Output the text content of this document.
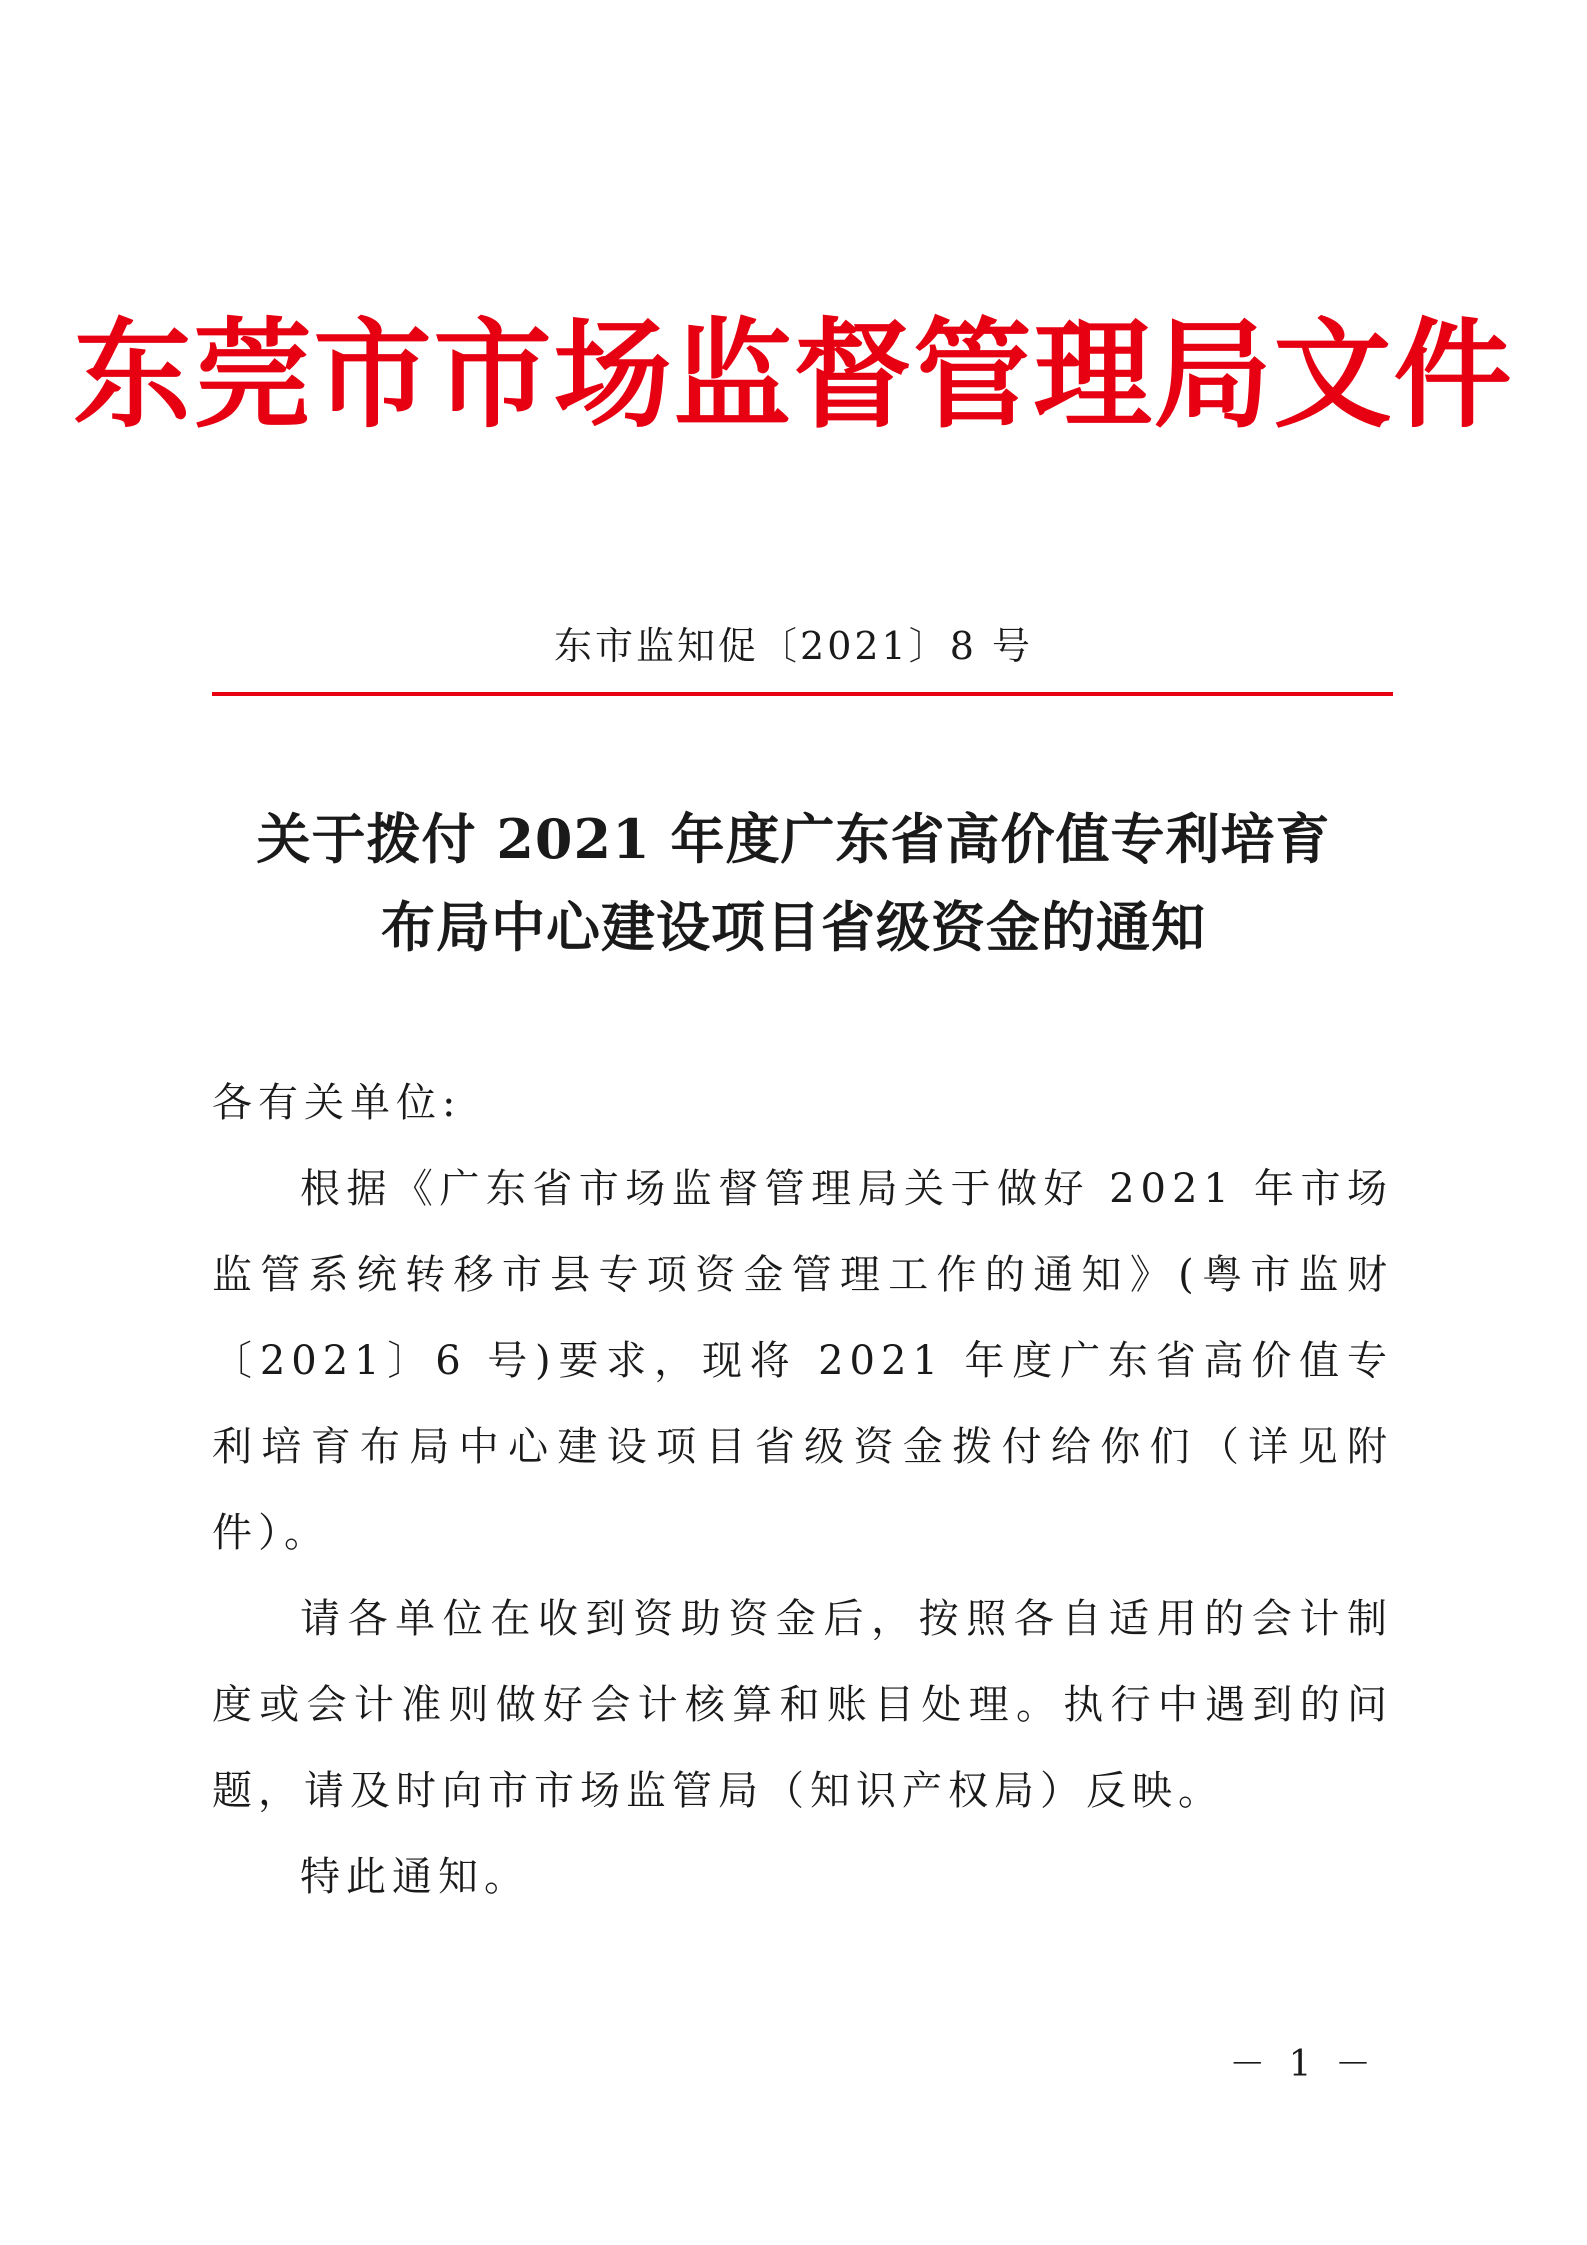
东莞市市场监督管理局文件
东市监知促〔2021〕8 号
关于拨付 2021 年度广东省高价值专利培育
布局中心建设项目省级资金的通知

各有关单位:

根据《广东省市场监督管理局关于做好 2021 年市场监管系统转移市县专项资金管理工作的通知》(粤市监财〔2021〕6 号)要求，现将 2021 年度广东省高价值专利培育布局中心建设项目省级资金拨付给你们（详见附件）。

请各单位在收到资助资金后，按照各自适用的会计制度或会计准则做好会计核算和账目处理。执行中遇到的问题，请及时向市市场监管局（知识产权局）反映。

特此通知。

－ 1 －
